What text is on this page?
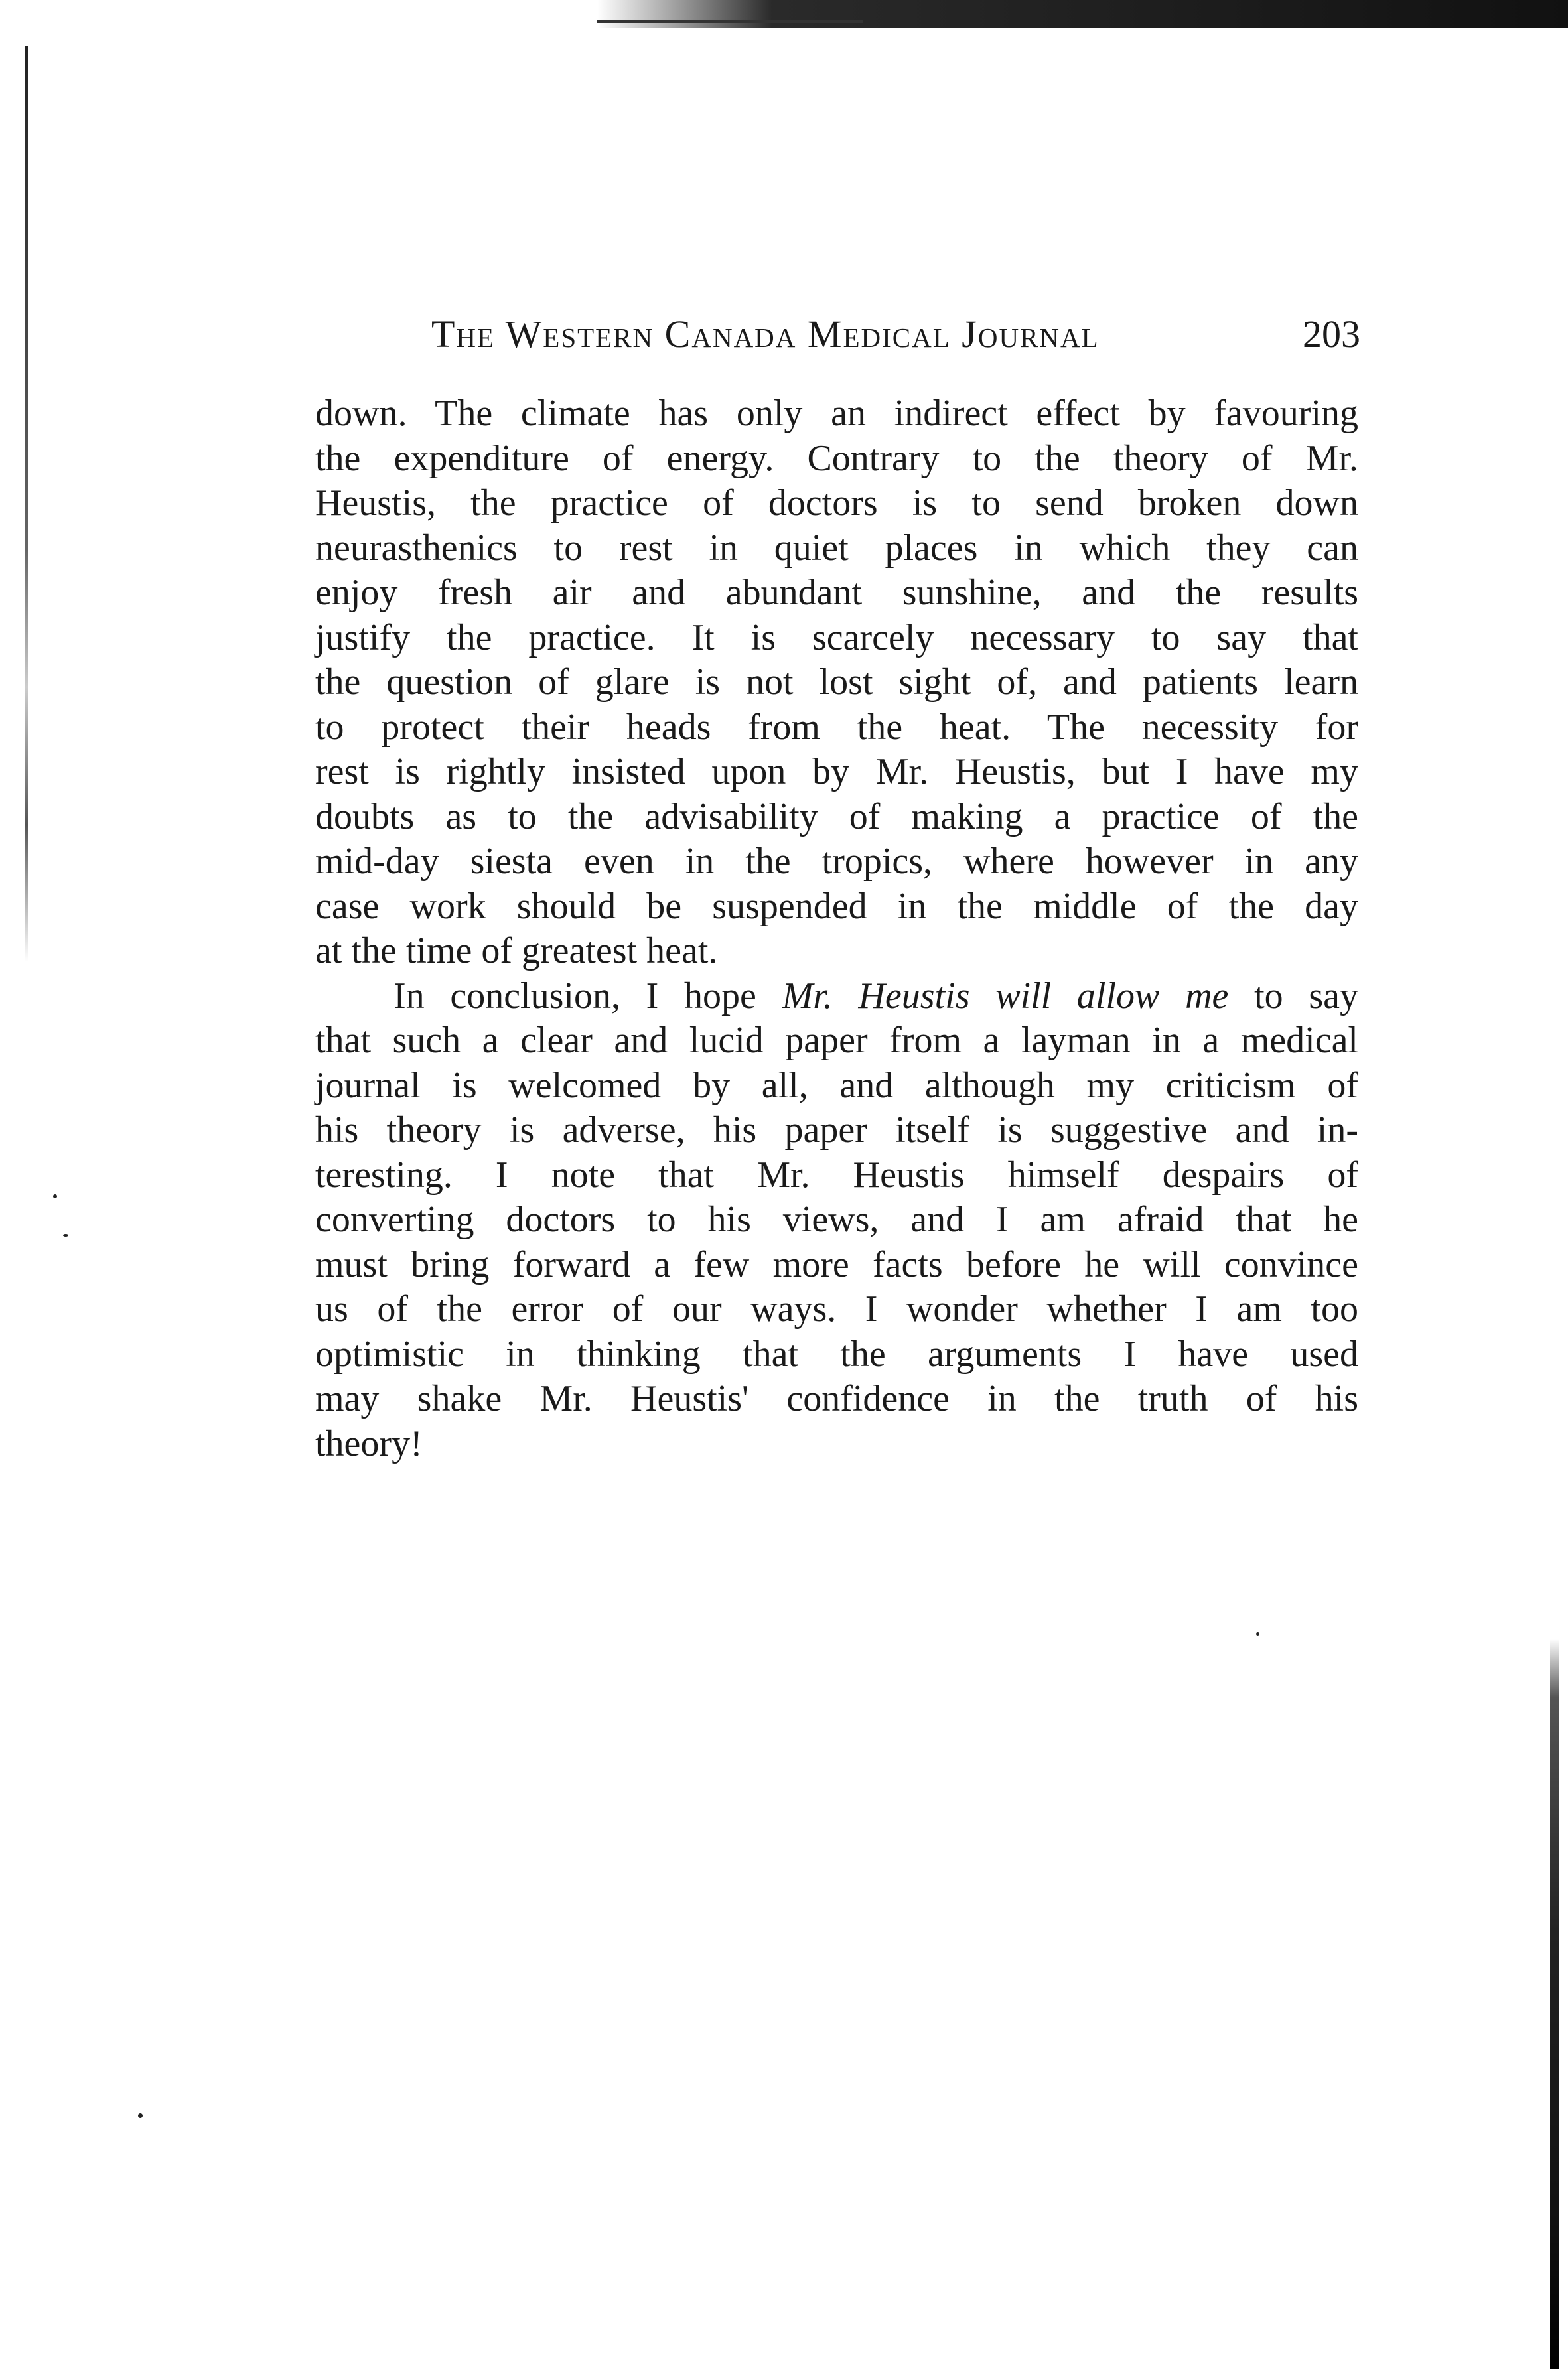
The Western Canada Medical Journal	203
down. The climate has only an indirect effect by favouring
the expenditure of energy. Contrary to the theory of Mr.
Heustis, the practice of doctors is to send broken down
neurasthenics to rest in quiet places in which they can
enjoy fresh air and abundant sunshine, and the results
justify the practice. It is scarcely necessary to say that
the question of glare is not lost sight of, and patients learn
to protect their heads from the heat. The necessity for
rest is rightly insisted upon by Mr. Heustis, but I have my
doubts as to the advisability of making a practice of the
mid-day siesta even in the tropics, where however in any
case work should be suspended in the middle of the day
at the time of greatest heat.
In conclusion, I hope Mr. Heustis will allow me to say
that such a clear and lucid paper from a layman in a medical
journal is welcomed by all, and although my criticism of
his theory is adverse, his paper itself is suggestive and in-
teresting. I note that Mr. Heustis himself despairs of
converting doctors to his views, and I am afraid that he
must bring forward a few more facts before he will convince
us of the error of our ways. I wonder whether I am too
optimistic in thinking that the arguments I have used
may shake Mr. Heustis' confidence in the truth of his
theory!
